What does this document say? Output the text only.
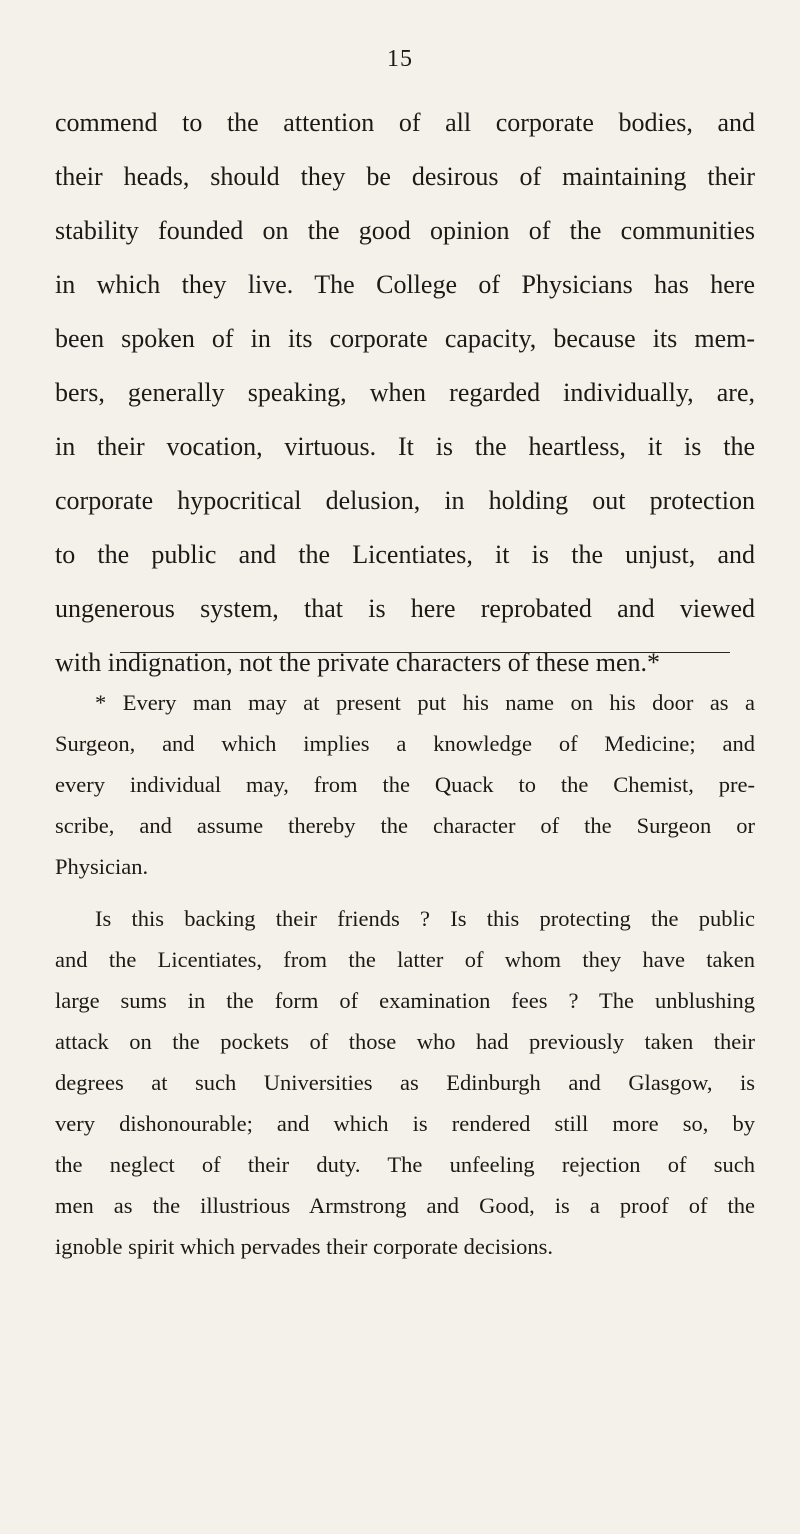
15
commend to the attention of all corporate bodies, and
their heads, should they be desirous of maintaining their
stability founded on the good opinion of the communities
in which they live. The College of Physicians has here
been spoken of in its corporate capacity, because its mem-
bers, generally speaking, when regarded individually, are,
in their vocation, virtuous. It is the heartless, it is the
corporate hypocritical delusion, in holding out protection
to the public and the Licentiates, it is the unjust, and
ungenerous system, that is here reprobated and viewed
with indignation, not the private characters of these men.*
* Every man may at present put his name on his door as a
Surgeon, and which implies a knowledge of Medicine; and
every individual may, from the Quack to the Chemist, pre-
scribe, and assume thereby the character of the Surgeon or
Physician.
Is this backing their friends ? Is this protecting the public
and the Licentiates, from the latter of whom they have taken
large sums in the form of examination fees ? The unblushing
attack on the pockets of those who had previously taken their
degrees at such Universities as Edinburgh and Glasgow, is
very dishonourable; and which is rendered still more so, by
the neglect of their duty. The unfeeling rejection of such
men as the illustrious Armstrong and Good, is a proof of the
ignoble spirit which pervades their corporate decisions.
